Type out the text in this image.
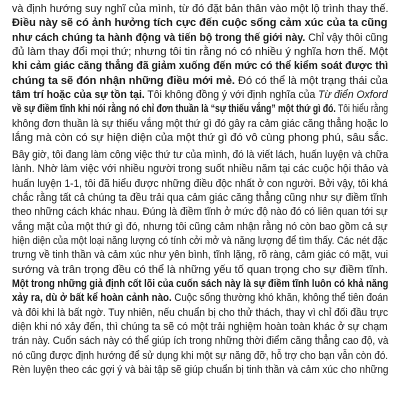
và định hướng suy nghĩ của mình, từ đó đặt bản thân vào một lộ trình thay thế.
Điều này sẽ có ảnh hưởng tích cực đến cuộc sống cảm xúc của ta cũng
như cách chúng ta hành động và tiến bộ trong thế giới này. Chỉ vậy thôi cũng
đủ làm thay đổi mọi thứ; nhưng tôi tin rằng nó có nhiều ý nghĩa hơn thế. Một
khi cảm giác căng thẳng đã giảm xuống đến mức có thể kiểm soát được thì
chúng ta sẽ đón nhận những điều mới mẻ. Đó có thể là một trạng thái của
tâm trí hoặc của sự tồn tại. Tôi không đồng ý với định nghĩa của Từ điển Oxford
về sự điềm tĩnh khi nói rằng nó chỉ đơn thuần là “sự thiếu vắng” một thứ gì đó. Tôi hiểu rằng
không đơn thuần là sự thiếu vắng một thứ gì đó gây ra cảm giác căng thẳng hoặc lo
lắng mà còn có sự hiện diện của một thứ gì đó vô cùng phong phú, sâu sắc.
Bây giờ, tôi đang làm công việc thứ tư của mình, đó là viết lách, huấn luyện và chữa
lành. Nhờ làm việc với nhiều người trong suốt nhiều năm tại các cuộc hội thảo và
huấn luyện 1-1, tôi đã hiểu được những điều độc nhất ở con người. Bởi vậy, tôi khá
chắc rằng tất cả chúng ta đều trải qua cảm giác căng thẳng cũng như sự điềm tĩnh
theo những cách khác nhau. Đúng là điềm tĩnh ở mức độ nào đó có liên quan tới sự
vắng mặt của một thứ gì đó, nhưng tôi cũng cảm nhận rằng nó còn bao gồm cả sự
hiện diện của một loại năng lượng có tính cởi mở và năng lượng để tìm thấy. Các nét đặc
trưng về tinh thần và cảm xúc như yên bình, tĩnh lặng, rõ ràng, cảm giác có mặt, vui
sướng và trân trọng đều có thể là những yếu tố quan trọng cho sự điềm tĩnh.
Một trong những giả định cốt lõi của cuốn sách này là sự điềm tĩnh luôn có khả năng
xảy ra, dù ở bất kể hoàn cảnh nào. Cuộc sống thường khó khăn, không thể tiên đoán
và đôi khi là bất ngờ. Tuy nhiên, nếu chuẩn bị cho thử thách, thay vì chỉ đối đầu trực
diện khi nó xảy đến, thì chúng ta sẽ có một trải nghiệm hoàn toàn khác ở sự chạm
trán này. Cuốn sách này có thể giúp ích trong những thời điểm căng thẳng cao độ, và
nó cũng được định hướng để sử dụng khi một sự năng đỡ, hỗ trợ cho bạn vẫn còn đó.
Rèn luyện theo các gợi ý và bài tập sẽ giúp chuẩn bị tinh thần và cảm xúc cho những
